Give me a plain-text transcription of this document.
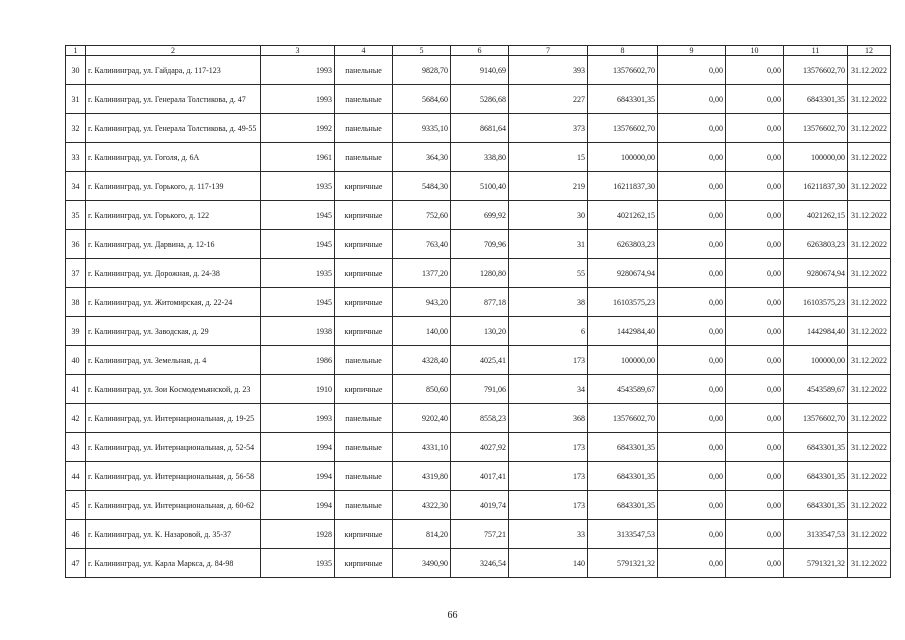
1	2	3	4	5	6	7	8	9	10	11	12
30	г. Калининград, ул. Гайдара, д. 117-123	1993	панельные	9828,70	9140,69	393	13576602,70	0,00	0,00	13576602,70	31.12.2022
31	г. Калининград, ул. Генерала Толстикова, д. 47	1993	панельные	5684,60	5286,68	227	6843301,35	0,00	0,00	6843301,35	31.12.2022
32	г. Калининград, ул. Генерала Толстикова, д. 49-55	1992	панельные	9335,10	8681,64	373	13576602,70	0,00	0,00	13576602,70	31.12.2022
33	г. Калининград, ул. Гоголя, д. 6А	1961	панельные	364,30	338,80	15	100000,00	0,00	0,00	100000,00	31.12.2022
34	г. Калининград, ул. Горького, д. 117-139	1935	кирпичные	5484,30	5100,40	219	16211837,30	0,00	0,00	16211837,30	31.12.2022
35	г. Калининград, ул. Горького, д. 122	1945	кирпичные	752,60	699,92	30	4021262,15	0,00	0,00	4021262,15	31.12.2022
36	г. Калининград, ул. Дарвина, д. 12-16	1945	кирпичные	763,40	709,96	31	6263803,23	0,00	0,00	6263803,23	31.12.2022
37	г. Калининград, ул. Дорожная, д. 24-38	1935	кирпичные	1377,20	1280,80	55	9280674,94	0,00	0,00	9280674,94	31.12.2022
38	г. Калининград, ул. Житомирская, д. 22-24	1945	кирпичные	943,20	877,18	38	16103575,23	0,00	0,00	16103575,23	31.12.2022
39	г. Калининград, ул. Заводская, д. 29	1938	кирпичные	140,00	130,20	6	1442984,40	0,00	0,00	1442984,40	31.12.2022
40	г. Калининград, ул. Земельная, д. 4	1986	панельные	4328,40	4025,41	173	100000,00	0,00	0,00	100000,00	31.12.2022
41	г. Калининград, ул. Зои Космодемьянской, д. 23	1910	кирпичные	850,60	791,06	34	4543589,67	0,00	0,00	4543589,67	31.12.2022
42	г. Калининград, ул. Интернациональная, д. 19-25	1993	панельные	9202,40	8558,23	368	13576602,70	0,00	0,00	13576602,70	31.12.2022
43	г. Калининград, ул. Интернациональная, д. 52-54	1994	панельные	4331,10	4027,92	173	6843301,35	0,00	0,00	6843301,35	31.12.2022
44	г. Калининград, ул. Интернациональная, д. 56-58	1994	панельные	4319,80	4017,41	173	6843301,35	0,00	0,00	6843301,35	31.12.2022
45	г. Калининград, ул. Интернациональная, д. 60-62	1994	панельные	4322,30	4019,74	173	6843301,35	0,00	0,00	6843301,35	31.12.2022
46	г. Калининград, ул. К. Назаровой, д. 35-37	1928	кирпичные	814,20	757,21	33	3133547,53	0,00	0,00	3133547,53	31.12.2022
47	г. Калининград, ул. Карла Маркса, д. 84-98	1935	кирпичные	3490,90	3246,54	140	5791321,32	0,00	0,00	5791321,32	31.12.2022
66
